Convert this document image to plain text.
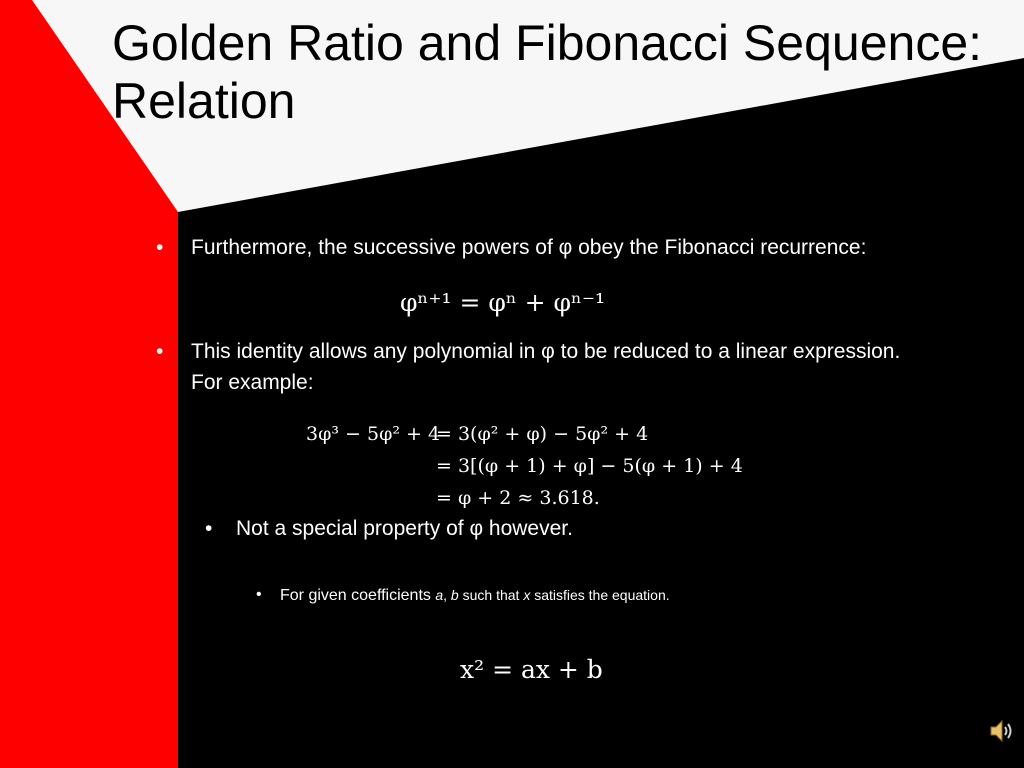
Golden Ratio and Fibonacci Sequence: Relation
• Furthermore, the successive powers of φ obey the Fibonacci recurrence:
φⁿ⁺¹ = φⁿ + φⁿ⁻¹
• This identity allows any polynomial in φ to be reduced to a linear expression. For example:
3φ³ − 5φ² + 4
= 3(φ² + φ) − 5φ² + 4
= 3[(φ + 1) + φ] − 5(φ + 1) + 4
= φ + 2 ≈ 3.618.
• Not a special property of φ however.
• For given coefficients a, b such that x satisfies the equation.
x² = ax + b
